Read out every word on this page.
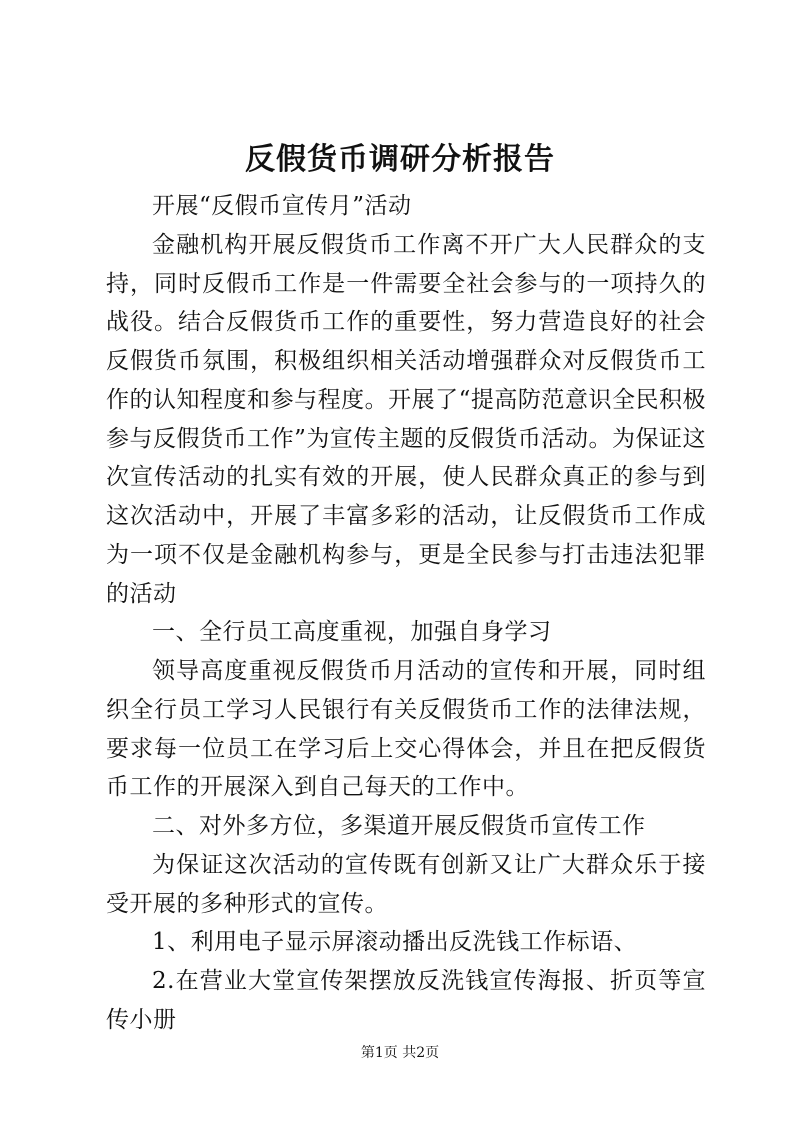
反假货币调研分析报告

开展“反假币宣传月”活动

金融机构开展反假货币工作离不开广大人民群众的支持，同时反假币工作是一件需要全社会参与的一项持久的战役。结合反假货币工作的重要性，努力营造良好的社会反假货币氛围，积极组织相关活动增强群众对反假货币工作的认知程度和参与程度。开展了“提高防范意识全民积极参与反假货币工作”为宣传主题的反假货币活动。为保证这次宣传活动的扎实有效的开展，使人民群众真正的参与到这次活动中，开展了丰富多彩的活动，让反假货币工作成为一项不仅是金融机构参与，更是全民参与打击违法犯罪的活动

一、全行员工高度重视，加强自身学习

领导高度重视反假货币月活动的宣传和开展，同时组织全行员工学习人民银行有关反假货币工作的法律法规，要求每一位员工在学习后上交心得体会，并且在把反假货币工作的开展深入到自己每天的工作中。

二、对外多方位，多渠道开展反假货币宣传工作

为保证这次活动的宣传既有创新又让广大群众乐于接受开展的多种形式的宣传。

1、利用电子显示屏滚动播出反洗钱工作标语、

2.在营业大堂宣传架摆放反洗钱宣传海报、折页等宣传小册

第1页 共2页
